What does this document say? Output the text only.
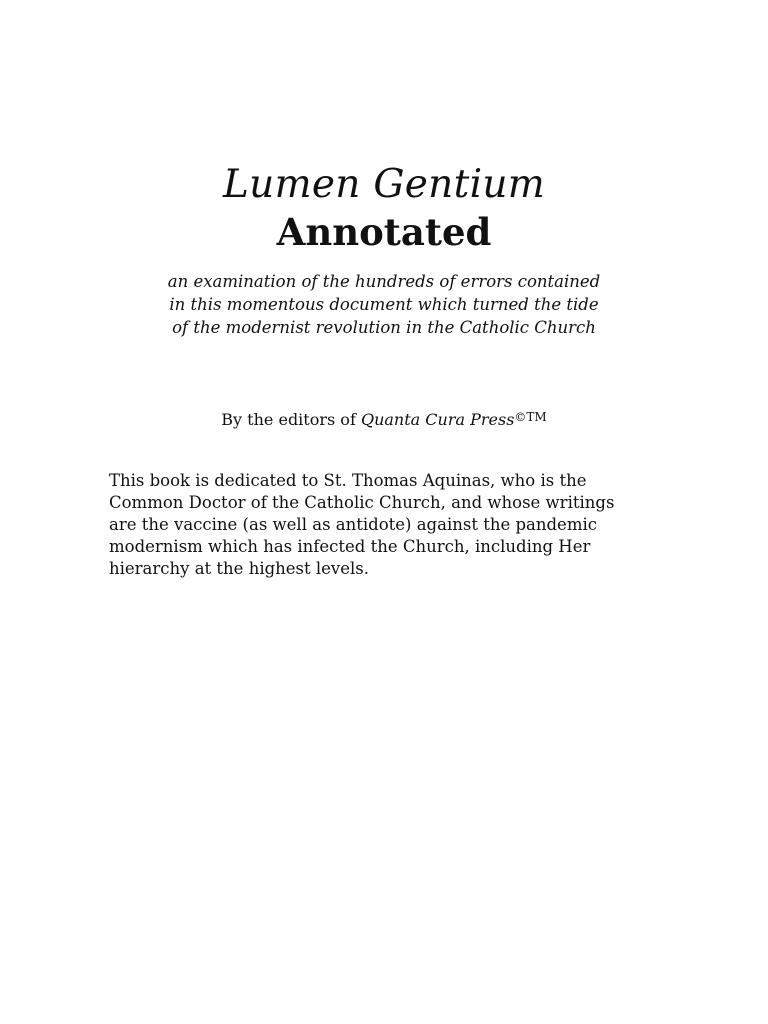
Lumen Gentium
Annotated
an examination of the hundreds of errors contained
in this momentous document which turned the tide
of the modernist revolution in the Catholic Church
By the editors of Quanta Cura Press$^{©TM}$
This book is dedicated to St. Thomas Aquinas, who is the
Common Doctor of the Catholic Church, and whose writings
are the vaccine (as well as antidote) against the pandemic
modernism which has infected the Church, including Her
hierarchy at the highest levels.
